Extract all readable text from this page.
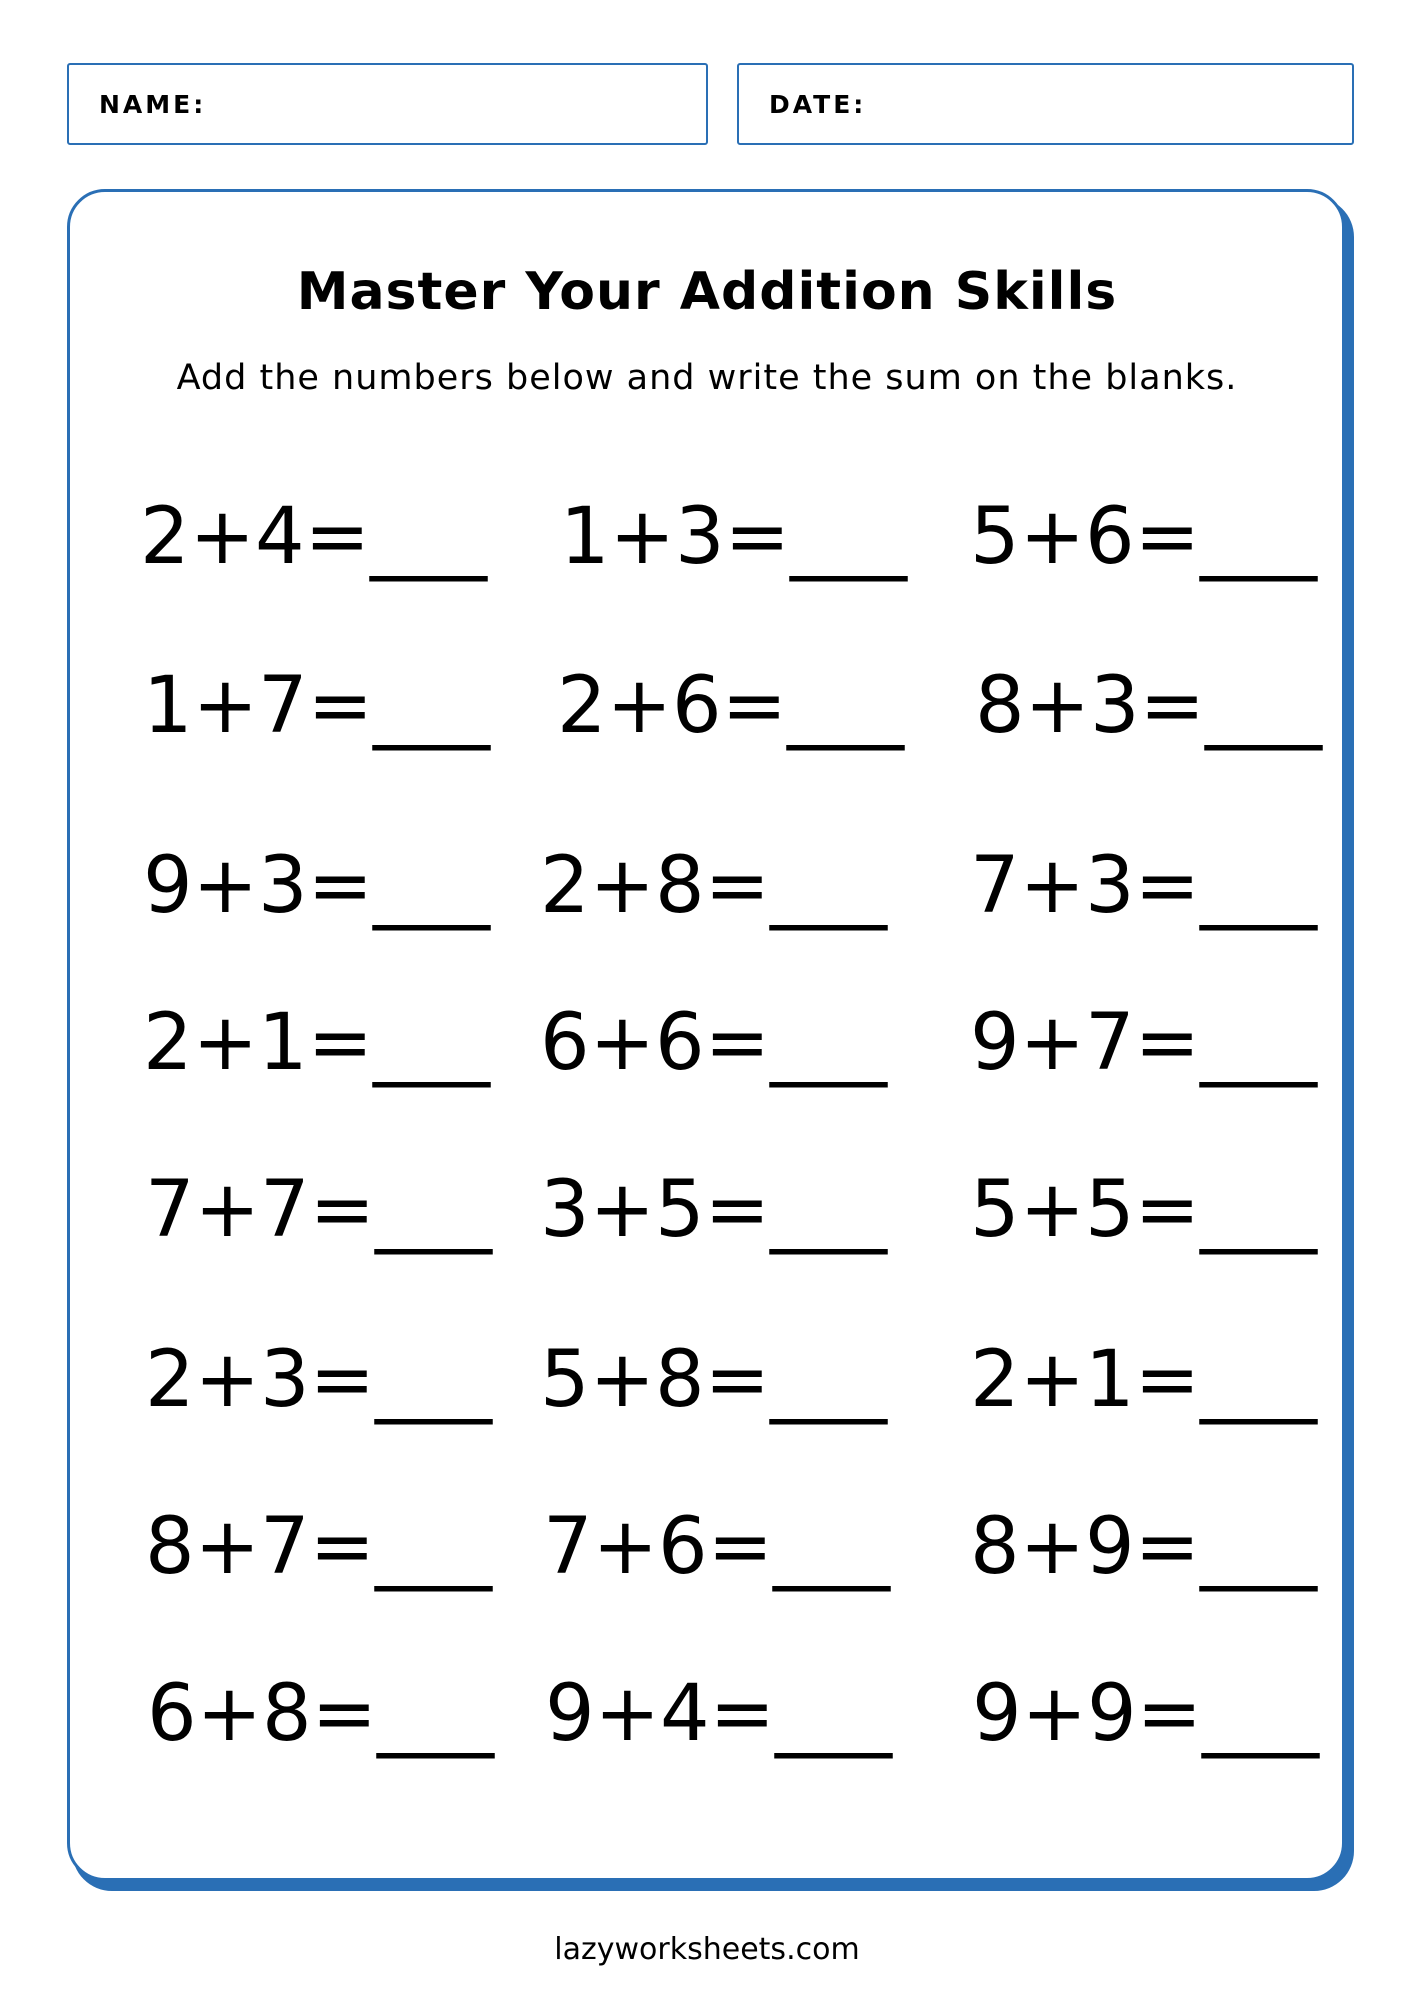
NAME:	DATE:
Master Your Addition Skills
Add the numbers below and write the sum on the blanks.
2+4=___ 1+3=___ 5+6=___
1+7=___ 2+6=___ 8+3=___
9+3=___ 2+8=___ 7+3=___
2+1=___ 6+6=___ 9+7=___
7+7=___ 3+5=___ 5+5=___
2+3=___ 5+8=___ 2+1=___
8+7=___ 7+6=___ 8+9=___
6+8=___ 9+4=___ 9+9=___
lazyworksheets.com
